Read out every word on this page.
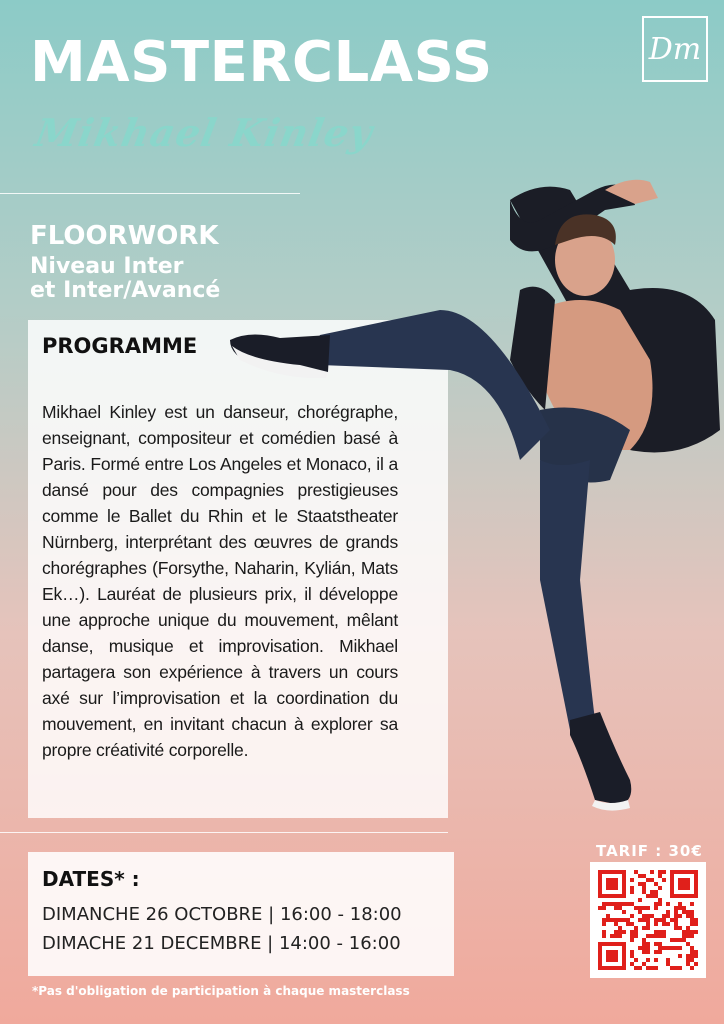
MASTERCLASS
Mikhael Kinley
Dm
FLOORWORK
Niveau Inter
et Inter/Avancé
PROGRAMME
Mikhael Kinley est un danseur, chorégraphe, enseignant, compositeur et comédien basé à Paris. Formé entre Los Angeles et Monaco, il a dansé pour des compagnies prestigieuses comme le Ballet du Rhin et le Staatstheater Nürnberg, interprétant des œuvres de grands chorégraphes (Forsythe, Naharin, Kylián, Mats Ek…). Lauréat de plusieurs prix, il développe une approche unique du mouvement, mêlant danse, musique et improvisation. Mikhael partagera son expérience à travers un cours axé sur l’improvisation et la coordination du mouvement, en invitant chacun à explorer sa propre créativité corporelle.
DATES* :
DIMANCHE 26 OCTOBRE | 16:00 - 18:00
DIMACHE 21 DECEMBRE | 14:00 - 16:00
*Pas d'obligation de participation à chaque masterclass
TARIF : 30€
